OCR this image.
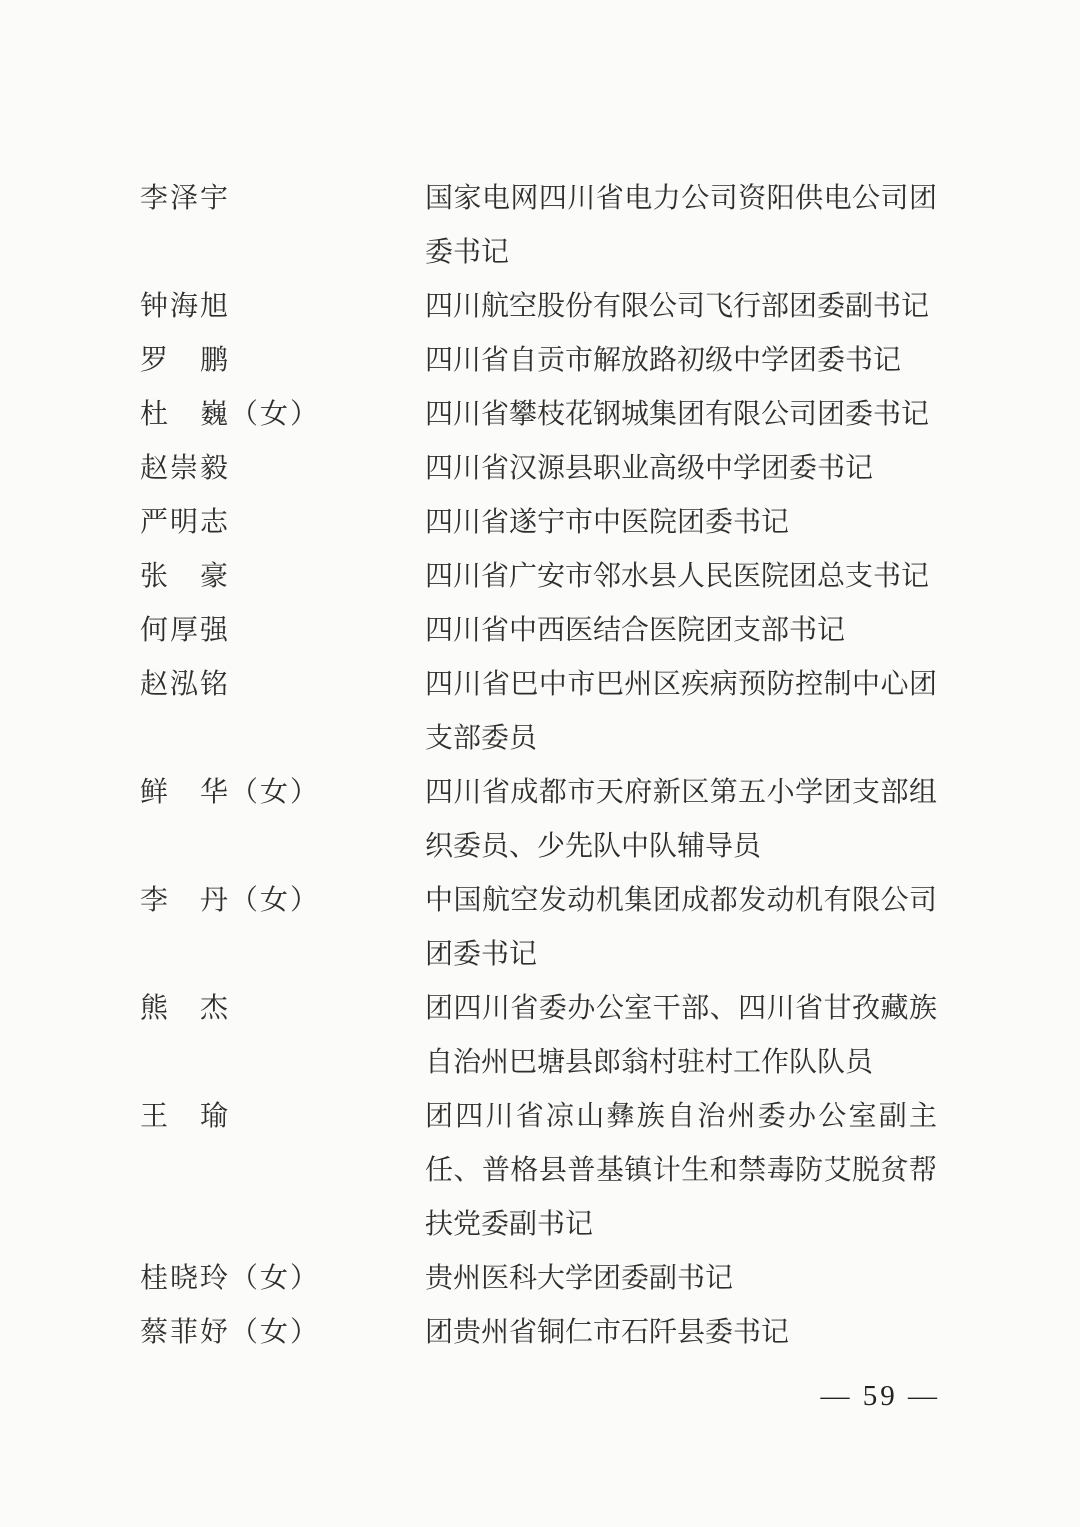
李泽宇	国家电网四川省电力公司资阳供电公司团委书记
钟海旭	四川航空股份有限公司飞行部团委副书记
罗　鹏	四川省自贡市解放路初级中学团委书记
杜　巍（女）	四川省攀枝花钢城集团有限公司团委书记
赵崇毅	四川省汉源县职业高级中学团委书记
严明志	四川省遂宁市中医院团委书记
张　豪	四川省广安市邻水县人民医院团总支书记
何厚强	四川省中西医结合医院团支部书记
赵泓铭	四川省巴中市巴州区疾病预防控制中心团支部委员
鲜　华（女）	四川省成都市天府新区第五小学团支部组织委员、少先队中队辅导员
李　丹（女）	中国航空发动机集团成都发动机有限公司团委书记
熊　杰	团四川省委办公室干部、四川省甘孜藏族自治州巴塘县郎翁村驻村工作队队员
王　瑜	团四川省凉山彝族自治州委办公室副主任、普格县普基镇计生和禁毒防艾脱贫帮扶党委副书记
桂晓玲（女）	贵州医科大学团委副书记
蔡菲妤（女）	团贵州省铜仁市石阡县委书记
— 59 —
